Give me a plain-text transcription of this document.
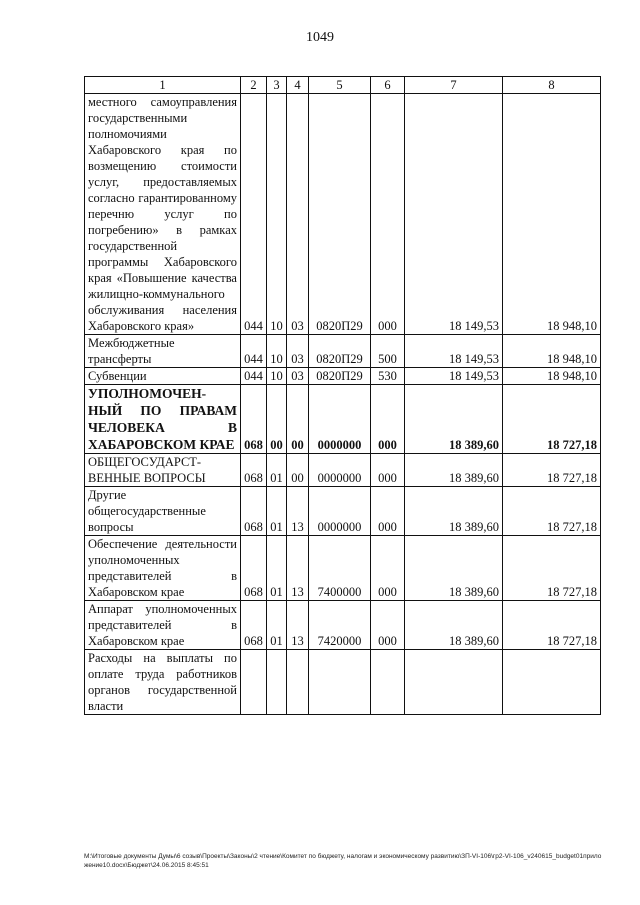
1049
1	2	3	4	5	6	7	8
местного самоуправления государственными полномочиями Хабаровского края по возмещению стоимости услуг, предоставляемых согласно гарантированному перечню услуг по погребению» в рамках государственной программы Хабаровского края «Повышение качества жилищно-коммунального обслуживания населения Хабаровского края»	044	10	03	0820П29	000	18 149,53	18 948,10
Межбюджетные трансферты	044	10	03	0820П29	500	18 149,53	18 948,10
Субвенции	044	10	03	0820П29	530	18 149,53	18 948,10
УПОЛНОМОЧЕН-НЫЙ ПО ПРАВАМ ЧЕЛОВЕКА В ХАБАРОВСКОМ КРАЕ	068	00	00	0000000	000	18 389,60	18 727,18
ОБЩЕГОСУДАРСТ-ВЕННЫЕ ВОПРОСЫ	068	01	00	0000000	000	18 389,60	18 727,18
Другие общегосударственные вопросы	068	01	13	0000000	000	18 389,60	18 727,18
Обеспечение деятельности уполномоченных представителей в Хабаровском крае	068	01	13	7400000	000	18 389,60	18 727,18
Аппарат уполномоченных представителей в Хабаровском крае	068	01	13	7420000	000	18 389,60	18 727,18
Расходы на выплаты по оплате труда работников органов государственной власти							
M:\Итоговые документы Думы\6 созыв\Проекты\Законы\2 чтение\Комитет по бюджету, налогам и экономическому развитию\ЗП-VI-106\гр2-VI-106_v240615_budget01приложение10.docx\Бюджет\24.06.2015 8:45:51
